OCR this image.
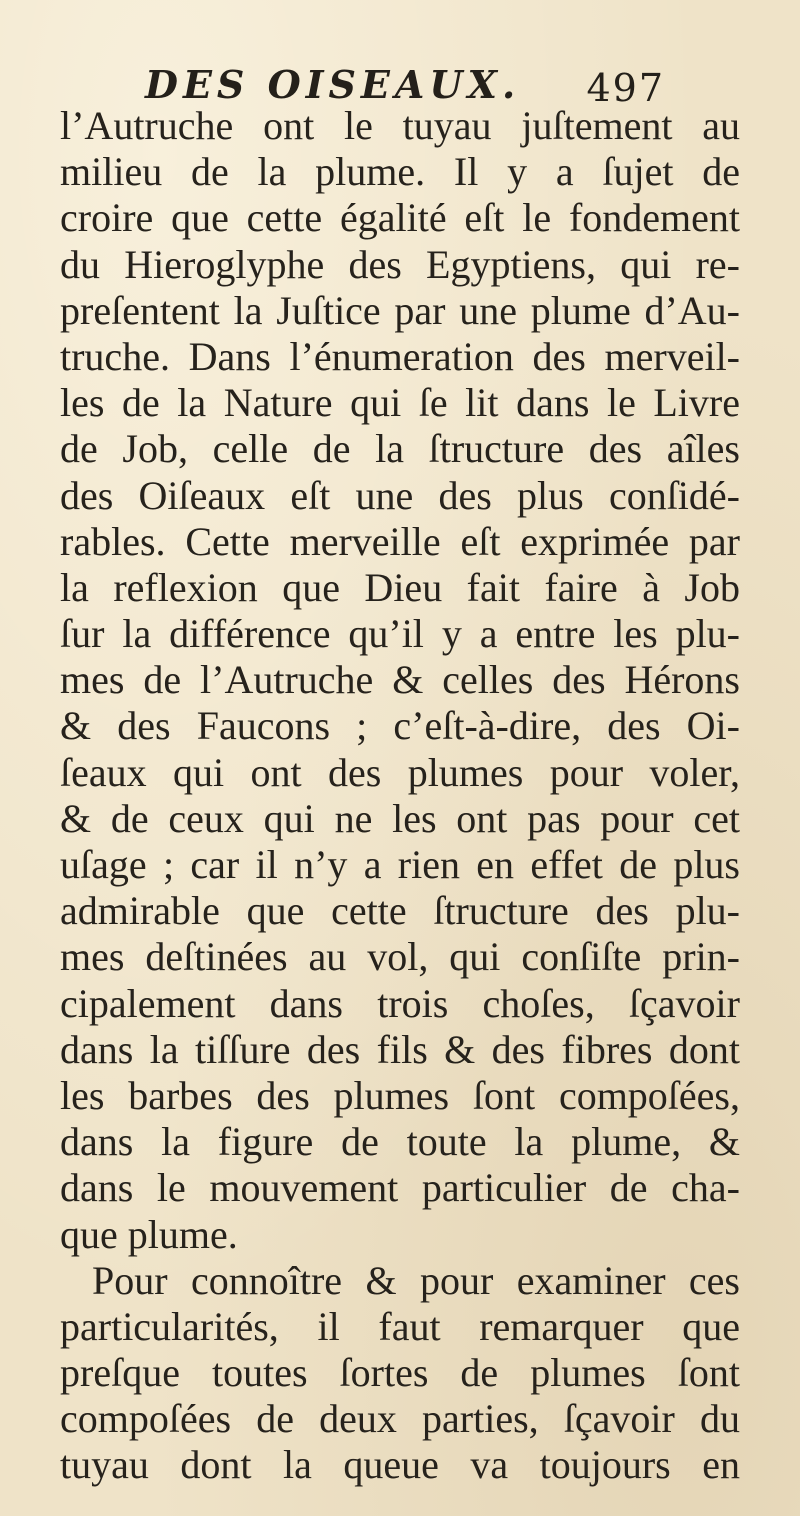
DES OISEAUX. 497
l’Autruche ont le tuyau juſtement au
milieu de la plume. Il y a ſujet de
croire que cette égalité eſt le fondement
du Hieroglyphe des Egyptiens, qui re-
preſentent la Juſtice par une plume d’Au-
truche. Dans l’énumeration des merveil-
les de la Nature qui ſe lit dans le Livre
de Job, celle de la ſtructure des aîles
des Oiſeaux eſt une des plus conſidé-
rables. Cette merveille eſt exprimée par
la reflexion que Dieu fait faire à Job
ſur la différence qu’il y a entre les plu-
mes de l’Autruche & celles des Hérons
& des Faucons ; c’eſt-à-dire, des Oi-
ſeaux qui ont des plumes pour voler,
& de ceux qui ne les ont pas pour cet
uſage ; car il n’y a rien en effet de plus
admirable que cette ſtructure des plu-
mes deſtinées au vol, qui conſiſte prin-
cipalement dans trois choſes, ſçavoir
dans la tiſſure des fils & des fibres dont
les barbes des plumes ſont compoſées,
dans la figure de toute la plume, &
dans le mouvement particulier de cha-
que plume.
Pour connoître & pour examiner ces
particularités, il faut remarquer que
preſque toutes ſortes de plumes ſont
compoſées de deux parties, ſçavoir du
tuyau dont la queue va toujours en
